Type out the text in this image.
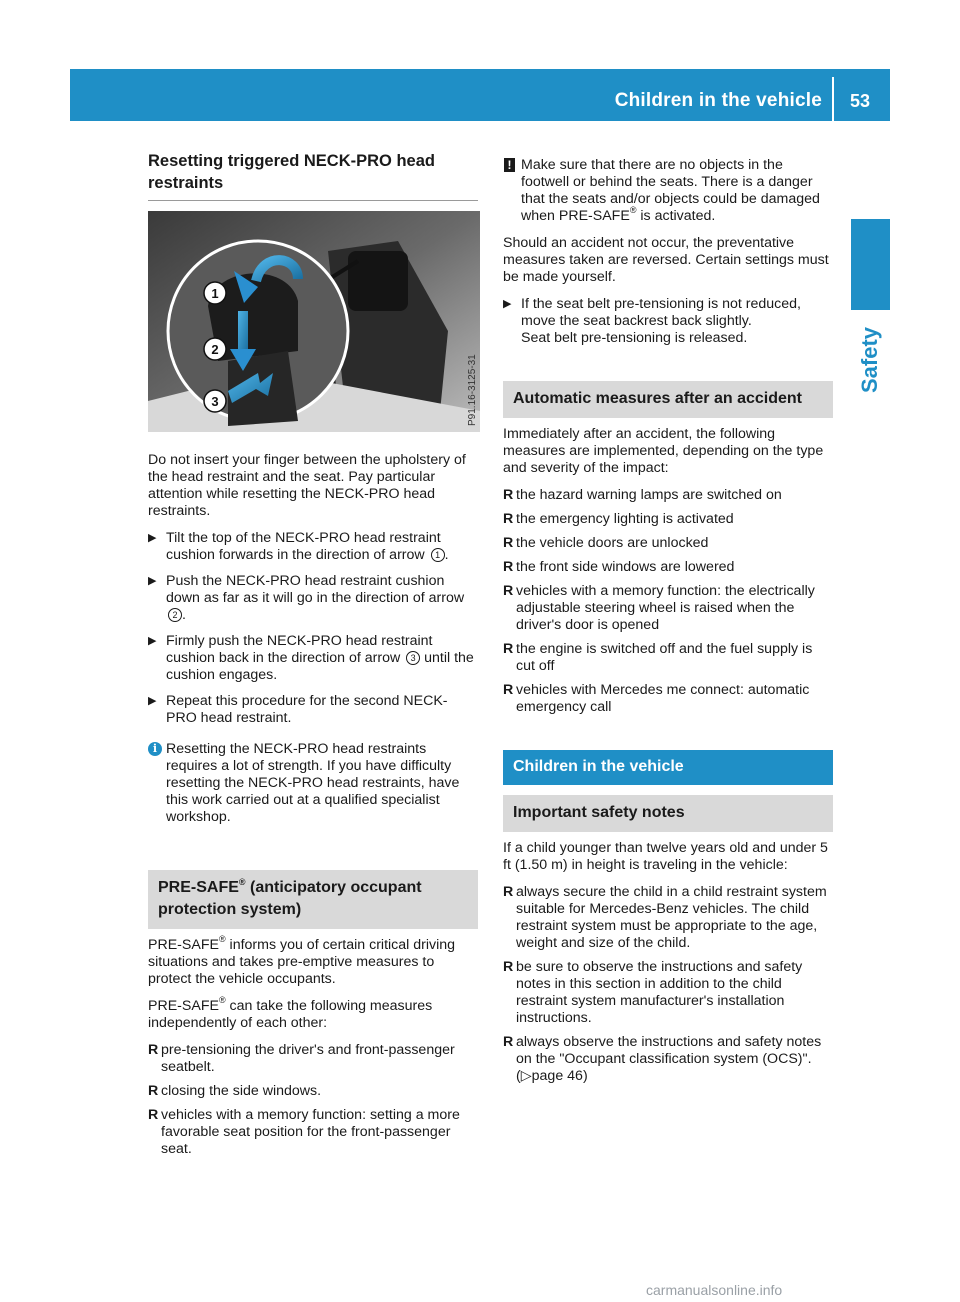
Children in the vehicle 53
Safety
Resetting triggered NECK-PRO head restraints
1
2
3	P91.16-3125-31

Do not insert your finger between the upholstery of the head restraint and the seat. Pay particular attention while resetting the NECK-PRO head restraints.

▶ Tilt the top of the NECK-PRO head restraint cushion forwards in the direction of arrow 1 .
▶ Push the NECK-PRO head restraint cushion down as far as it will go in the direction of arrow 2 .
▶ Firmly push the NECK-PRO head restraint cushion back in the direction of arrow 3 until the cushion engages.
▶ Repeat this procedure for the second NECK-PRO head restraint.
i Resetting the NECK-PRO head restraints requires a lot of strength. If you have difficulty resetting the NECK-PRO head restraints, have this work carried out at a qualified specialist workshop.
PRE-SAFE® (anticipatory occupant protection system)

PRE-SAFE® informs you of certain critical driving situations and takes pre-emptive measures to protect the vehicle occupants.

PRE-SAFE® can take the following measures independently of each other:

R pre-tensioning the driver's and front-passenger seatbelt.
R closing the side windows.
R vehicles with a memory function: setting a more favorable seat position for the front-passenger seat.
! Make sure that there are no objects in the footwell or behind the seats. There is a danger that the seats and/or objects could be damaged when PRE-SAFE® is activated.

Should an accident not occur, the preventative measures taken are reversed. Certain settings must be made yourself.

▶ If the seat belt pre-tensioning is not reduced, move the seat backrest back slightly.
Seat belt pre-tensioning is released.
Automatic measures after an accident

Immediately after an accident, the following measures are implemented, depending on the type and severity of the impact:

R the hazard warning lamps are switched on
R the emergency lighting is activated
R the vehicle doors are unlocked
R the front side windows are lowered
R vehicles with a memory function: the electrically adjustable steering wheel is raised when the driver's door is opened
R the engine is switched off and the fuel supply is cut off
R vehicles with Mercedes me connect: automatic emergency call
Children in the vehicle
Important safety notes

If a child younger than twelve years old and under 5 ft (1.50 m) in height is traveling in the vehicle:

R always secure the child in a child restraint system suitable for Mercedes-Benz vehicles. The child restraint system must be appropriate to the age, weight and size of the child.
R be sure to observe the instructions and safety notes in this section in addition to the child restraint system manufacturer's installation instructions.
R always observe the instructions and safety notes on the "Occupant classification system (OCS)". (▷page 46)
carmanualsonline.info
